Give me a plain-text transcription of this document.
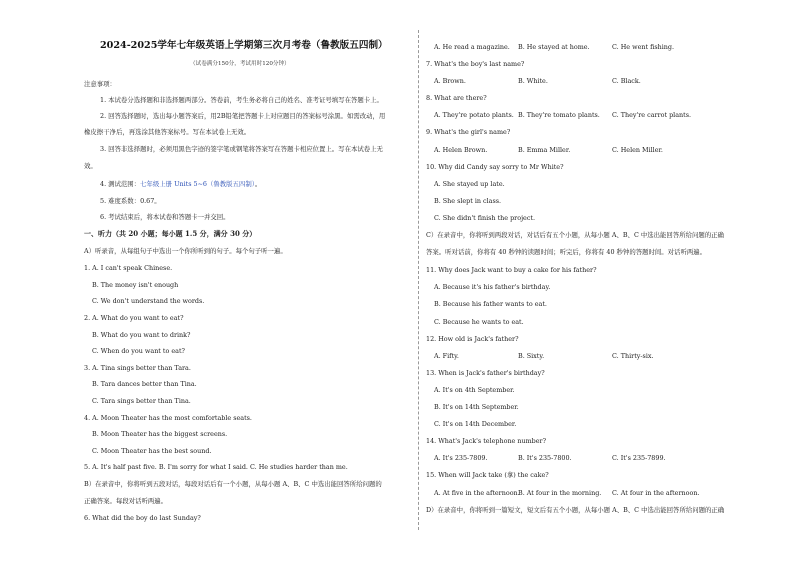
2024-2025学年七年级英语上学期第三次月考卷（鲁教版五四制）
（试卷满分150分，考试用时120分钟）
注意事项：
1. 本试卷分选择题和非选择题两部分。答卷前，考生务必将自己的姓名、准考证号填写在答题卡上。
2. 回答选择题时，选出每小题答案后，用2B铅笔把答题卡上对应题目的答案标号涂黑。如需改动，用
橡皮擦干净后，再选涂其他答案标号。写在本试卷上无效。
3. 回答非选择题时，必须用黑色字迹的签字笔或钢笔将答案写在答题卡相应位置上。写在本试卷上无
效。
4. 测试范围：七年级上册 Units 5~6（鲁教版五四制）。
5. 难度系数：0.67。
6. 考试结束后，将本试卷和答题卡一并交回。
一、听力（共 20 小题；每小题 1.5 分，满分 30 分）
A）听录音，从每组句子中选出一个你所听到的句子。每个句子听一遍。
1. A. I can't speak Chinese.
B. The money isn't enough
C. We don't understand the words.
2. A. What do you want to eat?
B. What do you want to drink?
C. When do you want to eat?
3. A. Tina sings better than Tara.
B. Tara dances better than Tina.
C. Tara sings better than Tina.
4. A. Moon Theater has the most comfortable seats.
B. Moon Theater has the biggest screens.
C. Moon Theater has the best sound.
5. A. It's half past five. B. I'm sorry for what I said. C. He studies harder than me.
B）在录音中，你将听到五段对话，每段对话后有一个小题，从每小题 A、B、C 中选出能回答所给问题的
正确答案。每段对话听两遍。
6. What did the boy do last Sunday?
A. He read a magazine. B. He stayed at home.	C. He went fishing.
7. What's the boy's last name?
A. Brown.	B. White.	C. Black.
8. What are there?
A. They're potato plants. B. They're tomato plants. C. They're carrot plants.
9. What's the girl's name?
A. Helen Brown.	B. Emma Miller.	C. Helen Miller.
10. Why did Candy say sorry to Mr White?
A. She stayed up late.
B. She slept in class.
C. She didn't finish the project.
C）在录音中，你将听到两段对话，对话后有五个小题，从每小题 A、B、C 中选出能回答所给问题的正确
答案。听对话前，你将有 40 秒钟的读题时间；听完后，你将有 40 秒钟的答题时间。对话听两遍。
11. Why does Jack want to buy a cake for his father?
A. Because it's his father's birthday.
B. Because his father wants to eat.
C. Because he wants to eat.
12. How old is Jack's father?
A. Fifty.	B. Sixty.	C. Thirty-six.
13. When is Jack's father's birthday?
A. It's on 4th September.
B. It's on 14th September.
C. It's on 14th December.
14. What's Jack's telephone number?
A. It's 235-7809.	B. It's 235-7800.	C. It's 235-7899.
15. When will Jack take (拿) the cake?
A. At five in the afternoon.
B. At four in the morning. C. At four in the afternoon.
D）在录音中，你将听到一篇短文，短文后有五个小题，从每小题 A、B、C 中选出能回答所给问题的正确
